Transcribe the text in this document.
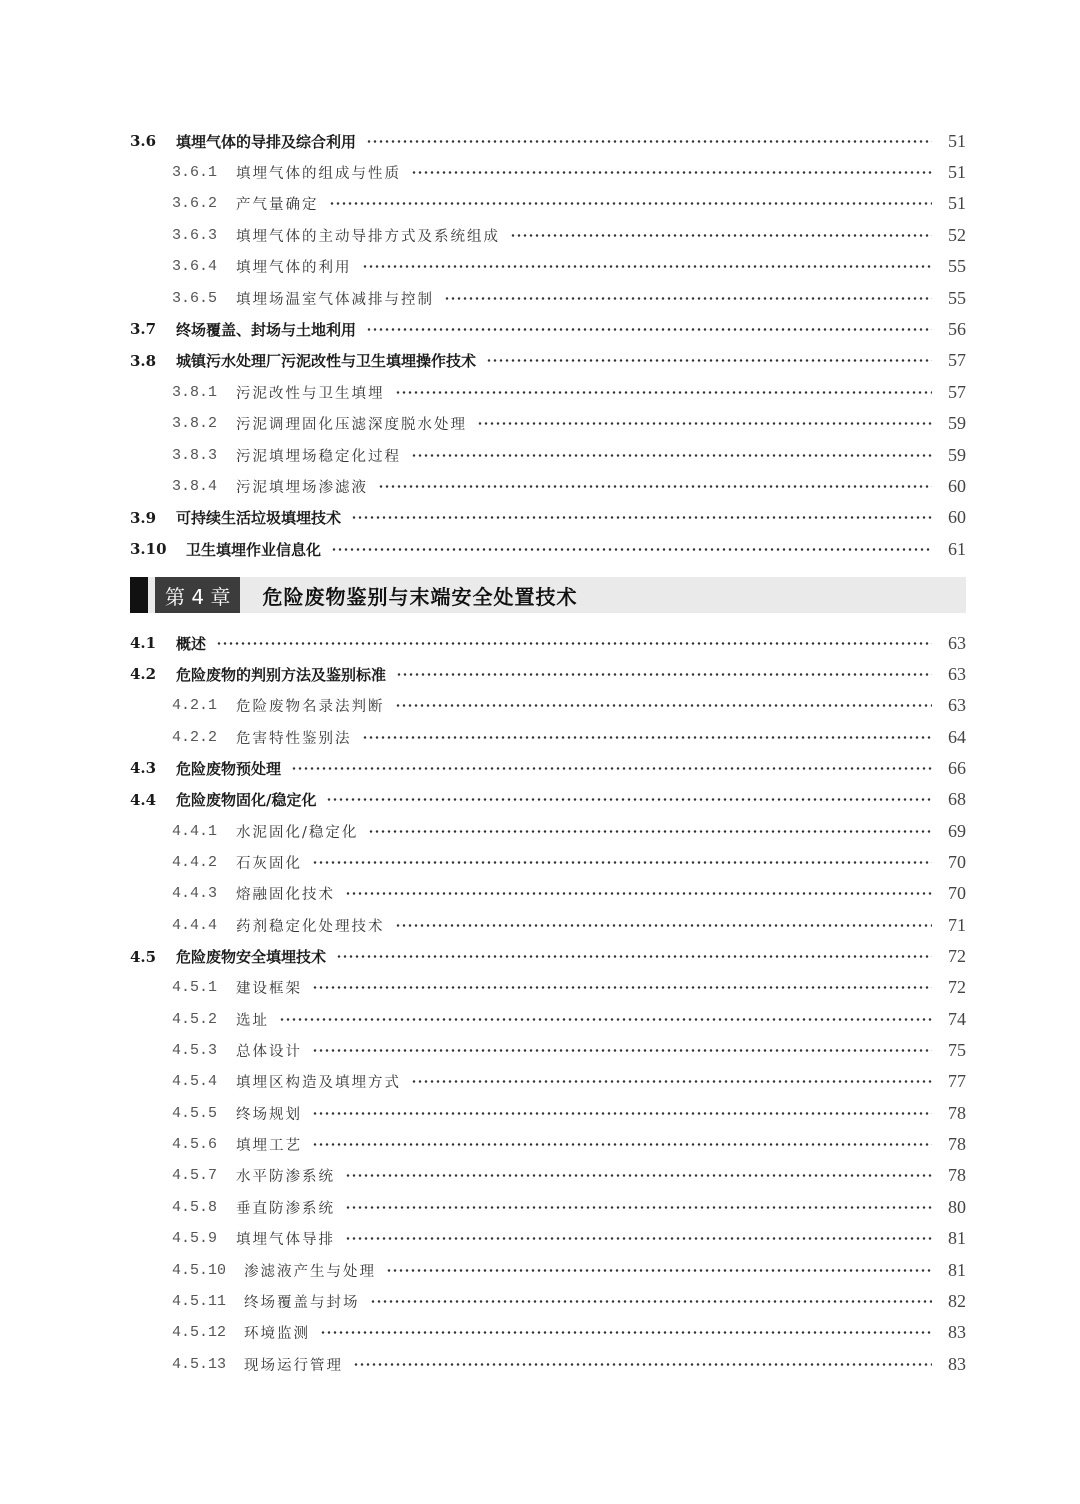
3.6	填埋气体的导排及综合利用	51
3.6.1	填埋气体的组成与性质	51
3.6.2	产气量确定	51
3.6.3	填埋气体的主动导排方式及系统组成	52
3.6.4	填埋气体的利用	55
3.6.5	填埋场温室气体减排与控制	55
3.7	终场覆盖、封场与土地利用	56
3.8	城镇污水处理厂污泥改性与卫生填埋操作技术	57
3.8.1	污泥改性与卫生填埋	57
3.8.2	污泥调理固化压滤深度脱水处理	59
3.8.3	污泥填埋场稳定化过程	59
3.8.4	污泥填埋场渗滤液	60
3.9	可持续生活垃圾填埋技术	60
3.10	卫生填埋作业信息化	61
第 4 章	危险废物鉴别与末端安全处置技术
4.1	概述	63
4.2	危险废物的判别方法及鉴别标准	63
4.2.1	危险废物名录法判断	63
4.2.2	危害特性鉴别法	64
4.3	危险废物预处理	66
4.4	危险废物固化/稳定化	68
4.4.1	水泥固化/稳定化	69
4.4.2	石灰固化	70
4.4.3	熔融固化技术	70
4.4.4	药剂稳定化处理技术	71
4.5	危险废物安全填埋技术	72
4.5.1	建设框架	72
4.5.2	选址	74
4.5.3	总体设计	75
4.5.4	填埋区构造及填埋方式	77
4.5.5	终场规划	78
4.5.6	填埋工艺	78
4.5.7	水平防渗系统	78
4.5.8	垂直防渗系统	80
4.5.9	填埋气体导排	81
4.5.10	渗滤液产生与处理	81
4.5.11	终场覆盖与封场	82
4.5.12	环境监测	83
4.5.13	现场运行管理	83
